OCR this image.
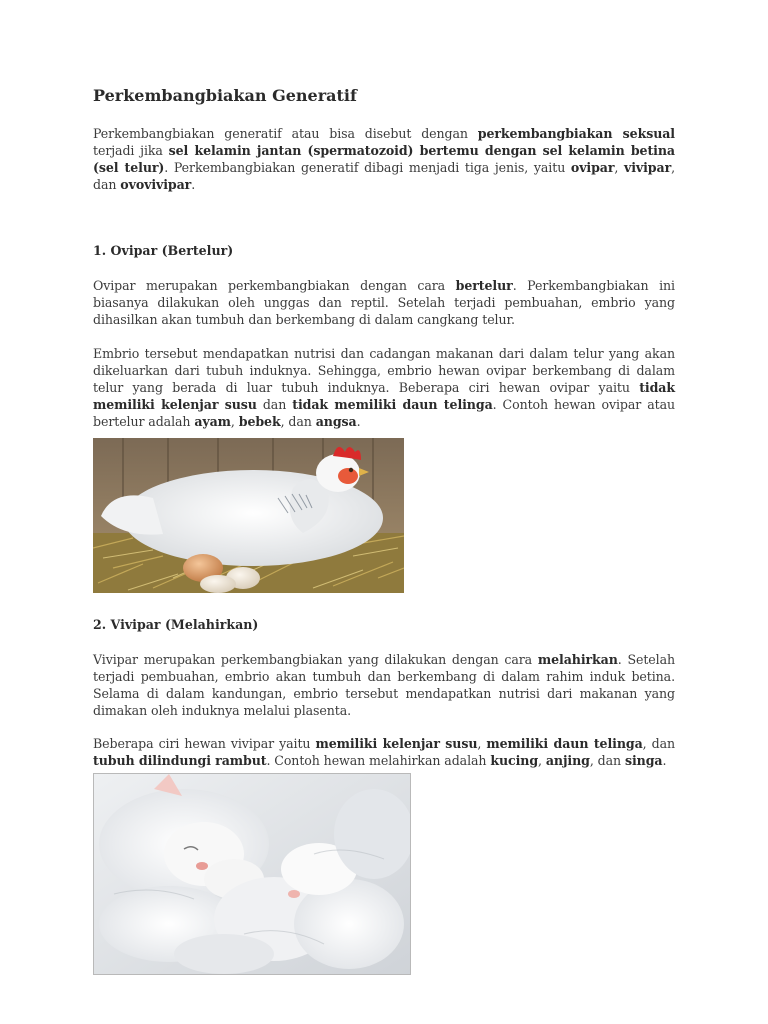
Perkembangbiakan Generatif

Perkembangbiakan generatif atau bisa disebut dengan perkembangbiakan seksual terjadi jika sel kelamin jantan (spermatozoid) bertemu dengan sel kelamin betina (sel telur). Perkembangbiakan generatif dibagi menjadi tiga jenis, yaitu ovipar, vivipar, dan ovovivipar.

1. Ovipar (Bertelur)

Ovipar merupakan perkembangbiakan dengan cara bertelur. Perkembangbiakan ini biasanya dilakukan oleh unggas dan reptil. Setelah terjadi pembuahan, embrio yang dihasilkan akan tumbuh dan berkembang di dalam cangkang telur.

Embrio tersebut mendapatkan nutrisi dan cadangan makanan dari dalam telur yang akan dikeluarkan dari tubuh induknya. Sehingga, embrio hewan ovipar berkembang di dalam telur yang berada di luar tubuh induknya. Beberapa ciri hewan ovipar yaitu tidak memiliki kelenjar susu dan tidak memiliki daun telinga. Contoh hewan ovipar atau bertelur adalah ayam, bebek, dan angsa.

2. Vivipar (Melahirkan)

Vivipar merupakan perkembangbiakan yang dilakukan dengan cara melahirkan. Setelah terjadi pembuahan, embrio akan tumbuh dan berkembang di dalam rahim induk betina. Selama di dalam kandungan, embrio tersebut mendapatkan nutrisi dari makanan yang dimakan oleh induknya melalui plasenta.

Beberapa ciri hewan vivipar yaitu memiliki kelenjar susu, memiliki daun telinga, dan tubuh dilindungi rambut. Contoh hewan melahirkan adalah kucing, anjing, dan singa.
